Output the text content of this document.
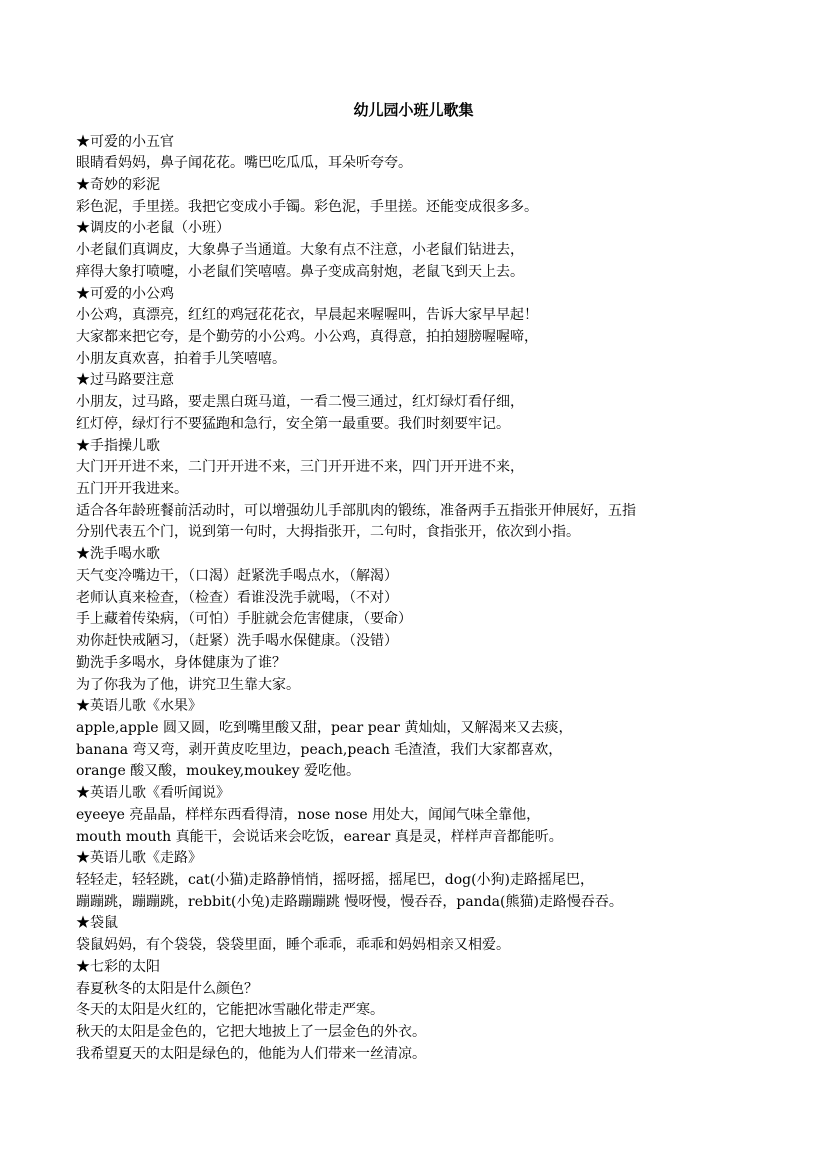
幼儿园小班儿歌集
★可爱的小五官
眼睛看妈妈，鼻子闻花花。嘴巴吃瓜瓜，耳朵听夸夸。
★奇妙的彩泥
彩色泥，手里搓。我把它变成小手镯。彩色泥，手里搓。还能变成很多多。
★调皮的小老鼠（小班）
小老鼠们真调皮，大象鼻子当通道。大象有点不注意，小老鼠们钻进去，
痒得大象打喷嚏，小老鼠们笑嘻嘻。鼻子变成高射炮，老鼠飞到天上去。
★可爱的小公鸡
小公鸡，真漂亮，红红的鸡冠花花衣，早晨起来喔喔叫，告诉大家早早起！
大家都来把它夸，是个勤劳的小公鸡。小公鸡，真得意，拍拍翅膀喔喔啼，
小朋友真欢喜，拍着手儿笑嘻嘻。
★过马路要注意
小朋友，过马路，要走黑白斑马道，一看二慢三通过，红灯绿灯看仔细，
红灯停，绿灯行不要猛跑和急行，安全第一最重要。我们时刻要牢记。
★手指操儿歌
大门开开进不来，二门开开进不来，三门开开进不来，四门开开进不来，
五门开开我进来。
适合各年龄班餐前活动时，可以增强幼儿手部肌肉的锻练，准备两手五指张开伸展好，五指
分别代表五个门，说到第一句时，大拇指张开，二句时，食指张开，依次到小指。
★洗手喝水歌
天气变冷嘴边干，（口渴）赶紧洗手喝点水，（解渴）
老师认真来检查，（检查）看谁没洗手就喝，（不对）
手上藏着传染病，（可怕）手脏就会危害健康，（要命）
劝你赶快戒陋习，（赶紧）洗手喝水保健康。（没错）
勤洗手多喝水，身体健康为了谁？
为了你我为了他，讲究卫生靠大家。
★英语儿歌《水果》
apple,apple 圆又圆，吃到嘴里酸又甜，pear pear 黄灿灿，又解渴来又去痰，
banana 弯又弯，剥开黄皮吃里边，peach,peach 毛渣渣，我们大家都喜欢，
orange 酸又酸，moukey,moukey 爱吃他。
★英语儿歌《看听闻说》
eyeeye 亮晶晶，样样东西看得清，nose nose 用处大，闻闻气味全靠他，
mouth mouth 真能干，会说话来会吃饭，earear 真是灵，样样声音都能听。
★英语儿歌《走路》
轻轻走，轻轻跳，cat(小猫)走路静悄悄，摇呀摇，摇尾巴，dog(小狗)走路摇尾巴，
蹦蹦跳，蹦蹦跳，rebbit(小兔)走路蹦蹦跳 慢呀慢，慢吞吞，panda(熊猫)走路慢吞吞。
★袋鼠
袋鼠妈妈，有个袋袋，袋袋里面，睡个乖乖，乖乖和妈妈相亲又相爱。
★七彩的太阳
春夏秋冬的太阳是什么颜色？
冬天的太阳是火红的，它能把冰雪融化带走严寒。
秋天的太阳是金色的，它把大地披上了一层金色的外衣。
我希望夏天的太阳是绿色的，他能为人们带来一丝清凉。
